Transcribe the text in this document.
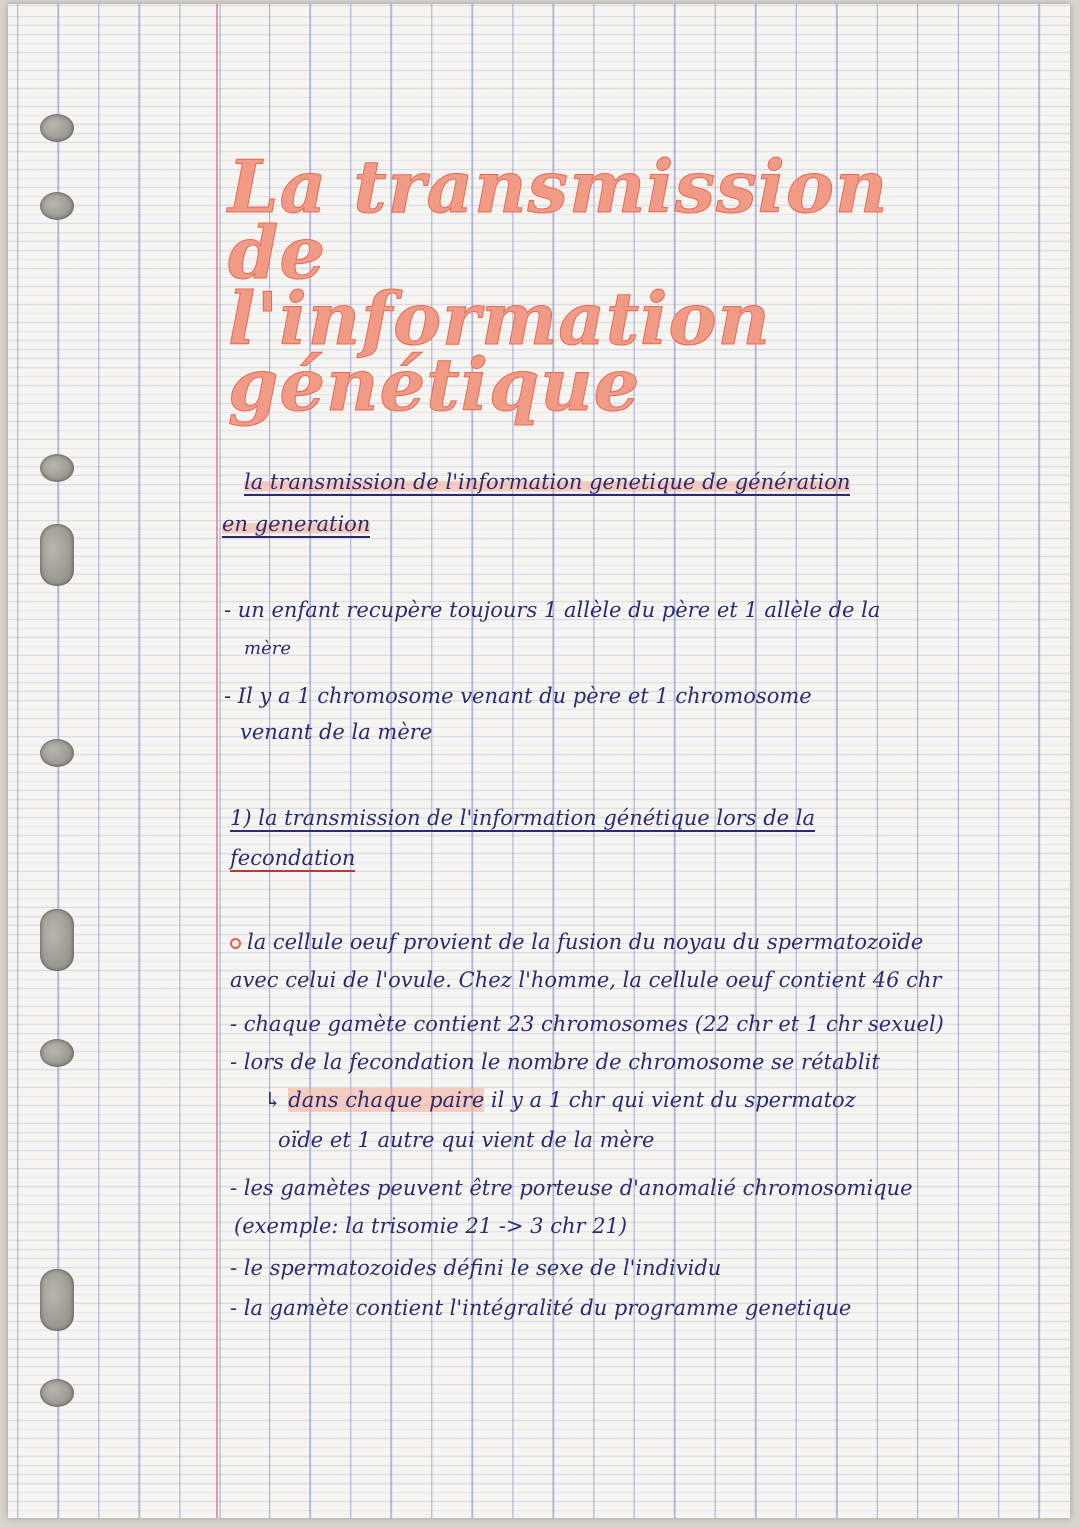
La transmission de
l'information
génétique
la transmission de l'information genetique de génération
en generation
- un enfant recupère toujours 1 allèle du père et 1 allèle de la
mère
- Il y a 1 chromosome venant du père et 1 chromosome
venant de la mère
1) la transmission de l'information génétique lors de la
fecondation
la cellule oeuf provient de la fusion du noyau du spermatozoïde
avec celui de l'ovule. Chez l'homme, la cellule oeuf contient 46 chr
- chaque gamète contient 23 chromosomes (22 chr et 1 chr sexuel)
- lors de la fecondation le nombre de chromosome se rétablit
↳ dans chaque paire il y a 1 chr qui vient du spermatoz
oïde et 1 autre qui vient de la mère
- les gamètes peuvent être porteuse d'anomalié chromosomique
(exemple: la trisomie 21 -> 3 chr 21)
- le spermatozoides défini le sexe de l'individu
- la gamète contient l'intégralité du programme genetique
